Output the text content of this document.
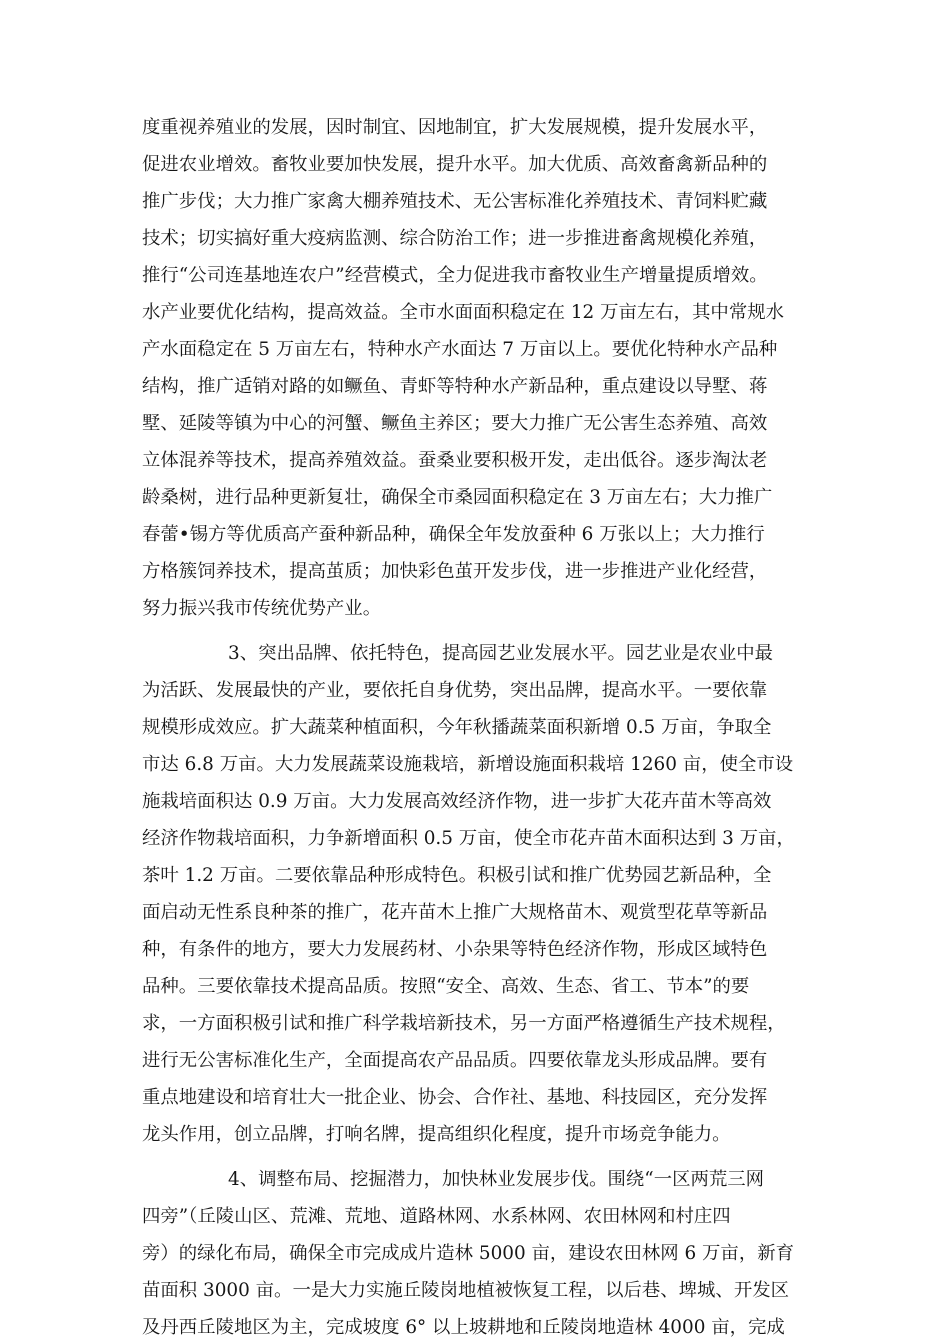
度重视养殖业的发展，因时制宜、因地制宜，扩大发展规模，提升发展水平，
促进农业增效。畜牧业要加快发展，提升水平。加大优质、高效畜禽新品种的
推广步伐；大力推广家禽大棚养殖技术、无公害标准化养殖技术、青饲料贮藏
技术；切实搞好重大疫病监测、综合防治工作；进一步推进畜禽规模化养殖，
推行“公司连基地连农户”经营模式，全力促进我市畜牧业生产增量提质增效。
水产业要优化结构，提高效益。全市水面面积稳定在 12 万亩左右，其中常规水
产水面稳定在 5 万亩左右，特种水产水面达 7 万亩以上。要优化特种水产品种
结构，推广适销对路的如鳜鱼、青虾等特种水产新品种，重点建设以导墅、蒋
墅、延陵等镇为中心的河蟹、鳜鱼主养区；要大力推广无公害生态养殖、高效
立体混养等技术，提高养殖效益。蚕桑业要积极开发，走出低谷。逐步淘汰老
龄桑树，进行品种更新复壮，确保全市桑园面积稳定在 3 万亩左右；大力推广
春蕾•锡方等优质高产蚕种新品种，确保全年发放蚕种 6 万张以上；大力推行
方格簇饲养技术，提高茧质；加快彩色茧开发步伐，进一步推进产业化经营，
努力振兴我市传统优势产业。
3、突出品牌、依托特色，提高园艺业发展水平。园艺业是农业中最
为活跃、发展最快的产业，要依托自身优势，突出品牌，提高水平。一要依靠
规模形成效应。扩大蔬菜种植面积，今年秋播蔬菜面积新增 0.5 万亩，争取全
市达 6.8 万亩。大力发展蔬菜设施栽培，新增设施面积栽培 1260 亩，使全市设
施栽培面积达 0.9 万亩。大力发展高效经济作物，进一步扩大花卉苗木等高效
经济作物栽培面积，力争新增面积 0.5 万亩，使全市花卉苗木面积达到 3 万亩，
茶叶 1.2 万亩。二要依靠品种形成特色。积极引试和推广优势园艺新品种，全
面启动无性系良种茶的推广，花卉苗木上推广大规格苗木、观赏型花草等新品
种，有条件的地方，要大力发展药材、小杂果等特色经济作物，形成区域特色
品种。三要依靠技术提高品质。按照“安全、高效、生态、省工、节本”的要
求，一方面积极引试和推广科学栽培新技术，另一方面严格遵循生产技术规程，
进行无公害标准化生产，全面提高农产品品质。四要依靠龙头形成品牌。要有
重点地建设和培育壮大一批企业、协会、合作社、基地、科技园区，充分发挥
龙头作用，创立品牌，打响名牌，提高组织化程度，提升市场竞争能力。
4、调整布局、挖掘潜力，加快林业发展步伐。围绕“一区两荒三网
四旁”（丘陵山区、荒滩、荒地、道路林网、水系林网、农田林网和村庄四
旁）的绿化布局，确保全市完成成片造林 5000 亩，建设农田林网 6 万亩，新育
苗面积 3000 亩。一是大力实施丘陵岗地植被恢复工程，以后巷、埤城、开发区
及丹西丘陵地区为主，完成坡度 6° 以上坡耕地和丘陵岗地造林 4000 亩，完成
